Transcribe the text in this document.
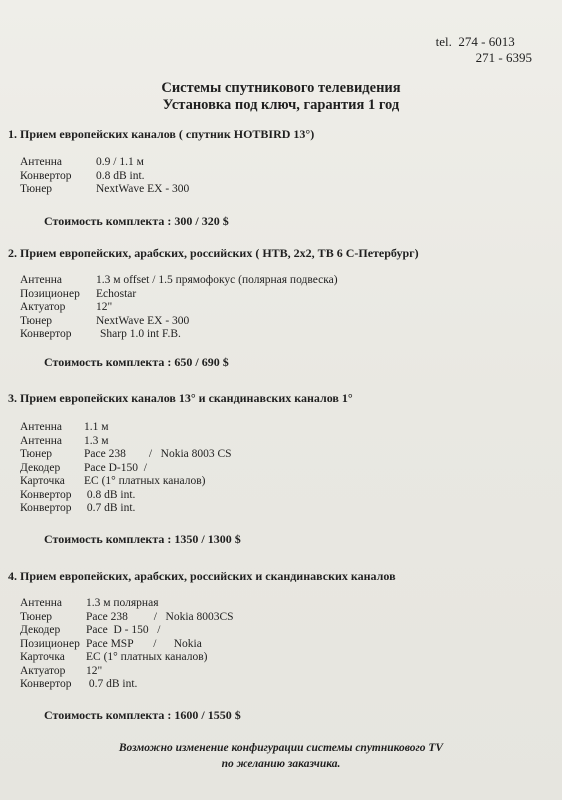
tel.  274 - 6013
271 - 6395
Системы спутникового телевидения
Установка под ключ, гарантия 1 год
1. Прием европейских каналов ( спутник HOTBIRD 13°)
Антенна	0.9 / 1.1 м
Конвертор	0.8 dB int.
Тюнер	NextWave EX - 300
Стоимость комплекта : 300 / 320 $
2. Прием европейских, арабских, российских ( НТВ, 2х2, ТВ 6 С-Петербург)
Антенна	1.3 м offset / 1.5 прямофокус (полярная подвеска)
Позиционер	Echostar
Актуатор	12"
Тюнер	NextWave EX - 300
Конвертор	Sharp 1.0 int F.B.
Стоимость комплекта : 650 / 690 $
3. Прием европейских каналов 13° и скандинавских каналов 1°
Антенна	1.1 м
Антенна	1.3 м
Тюнер	Pace 238        /   Nokia 8003 CS
Декодер	Pace D-150  /
Карточка	EC (1° платных каналов)
Конвертор	0.8 dB int.
Конвертор	0.7 dB int.
Стоимость комплекта : 1350 / 1300 $
4. Прием европейских, арабских, российских и скандинавских каналов
Антенна	1.3 м полярная
Тюнер	Pace 238         /   Nokia 8003CS
Декодер	Pace  D - 150   /
Позиционер Pace MSP       /      Nokia
Карточка	EC (1° платных каналов)
Актуатор	12"
Конвертор	0.7 dB int.
Стоимость комплекта : 1600 / 1550 $
Возможно изменение конфигурации системы спутникового TV
по желанию заказчика.
